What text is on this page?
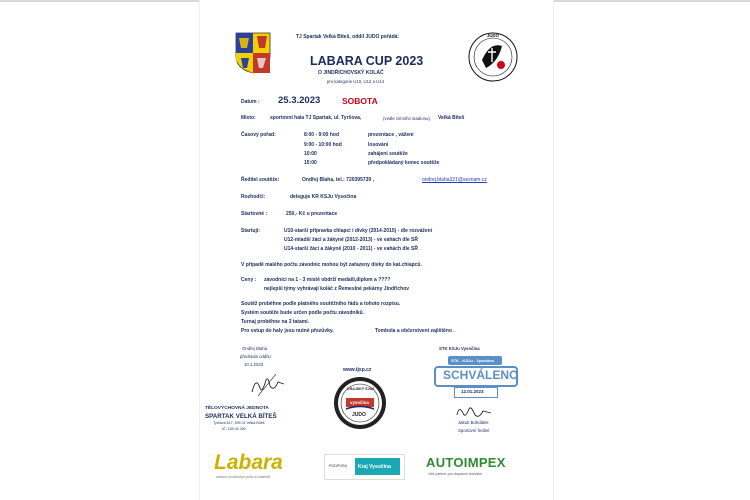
JUDO
TJ Spartak Velká Bíteš, oddíl JUDO pořádá:
LABARA CUP 2023
O JINDŘICHOVSKÝ KOLÁČ
pro kategorie U10, U12 a U14
Datum : 25.3.2023	SOBOTA
Místo:	sportovní hala TJ Spartak, ul. Tyršova,	(vedle zimního stadionu), Velká Bíteš
Časový pořad:	8:00 - 9:00 hod	prezentace , vážení
9:00 - 10:00 hod	losování
10:00	zahájení soutěže
15:00	předpokládaný konec soutěže
Ředitel soutěže:	Ondřej Blaha, tel.: 720395739 ,	ondrej.blaha321@seznam.cz
Rozhodčí:	deleguje KR KSJu Vysočina
Startovné :	250,- Kč u prezentace
Startují:	U10-starší přípravka chlapci i dívky (2014-2015) - dle rozvážení
U12-mladší žáci a žákyně (2012-2013) - ve vahách dle SŘ
U14-starší žáci a žákyně (2010 - 2011) - ve vahách dle SŘ
V případě malého počtu závodnic mohou být zařazeny dívky do kat.chlapců.
Ceny : závodníci na 1 - 3 místě obdrží medaili,diplom a ????
nejlepší týmy vyhrávají koláč z Řemeslné pekárny Jindřichov
Soutěž proběhne podle platného soutěžního řádu a tohoto rozpisu.
Systém soutěže bude určen podle počtu závodníků.
Turnaj proběhne na 3 tatami.
Pro vstup do haly jsou nutné přezůvky.	Tombola a občerstvení zajištěno .
Ondřej Blaha
předseda oddílu
10.1.2023
TĚLOVÝCHOVNÁ JEDNOTA
SPARTAK VELKÁ BÍTEŠ
Tyršova 617, 595 01 Velká Bíteš
IČ: 155 44 269
www.tjsp.cz
KRAJSKÝ SVAZ
vysočina
JUDO
STK KSJu Vysočina
STK - KSJu - Vysočina
SCHVÁLENO
12.01.2023
Jakub Bohdálek
Sportovní ředitel
Labara
zdobení perníkových pečiv a materiálů
PODPORA Kraj Vysočina	AUTOIMPEX
Váš partner pro dopravní techniku
